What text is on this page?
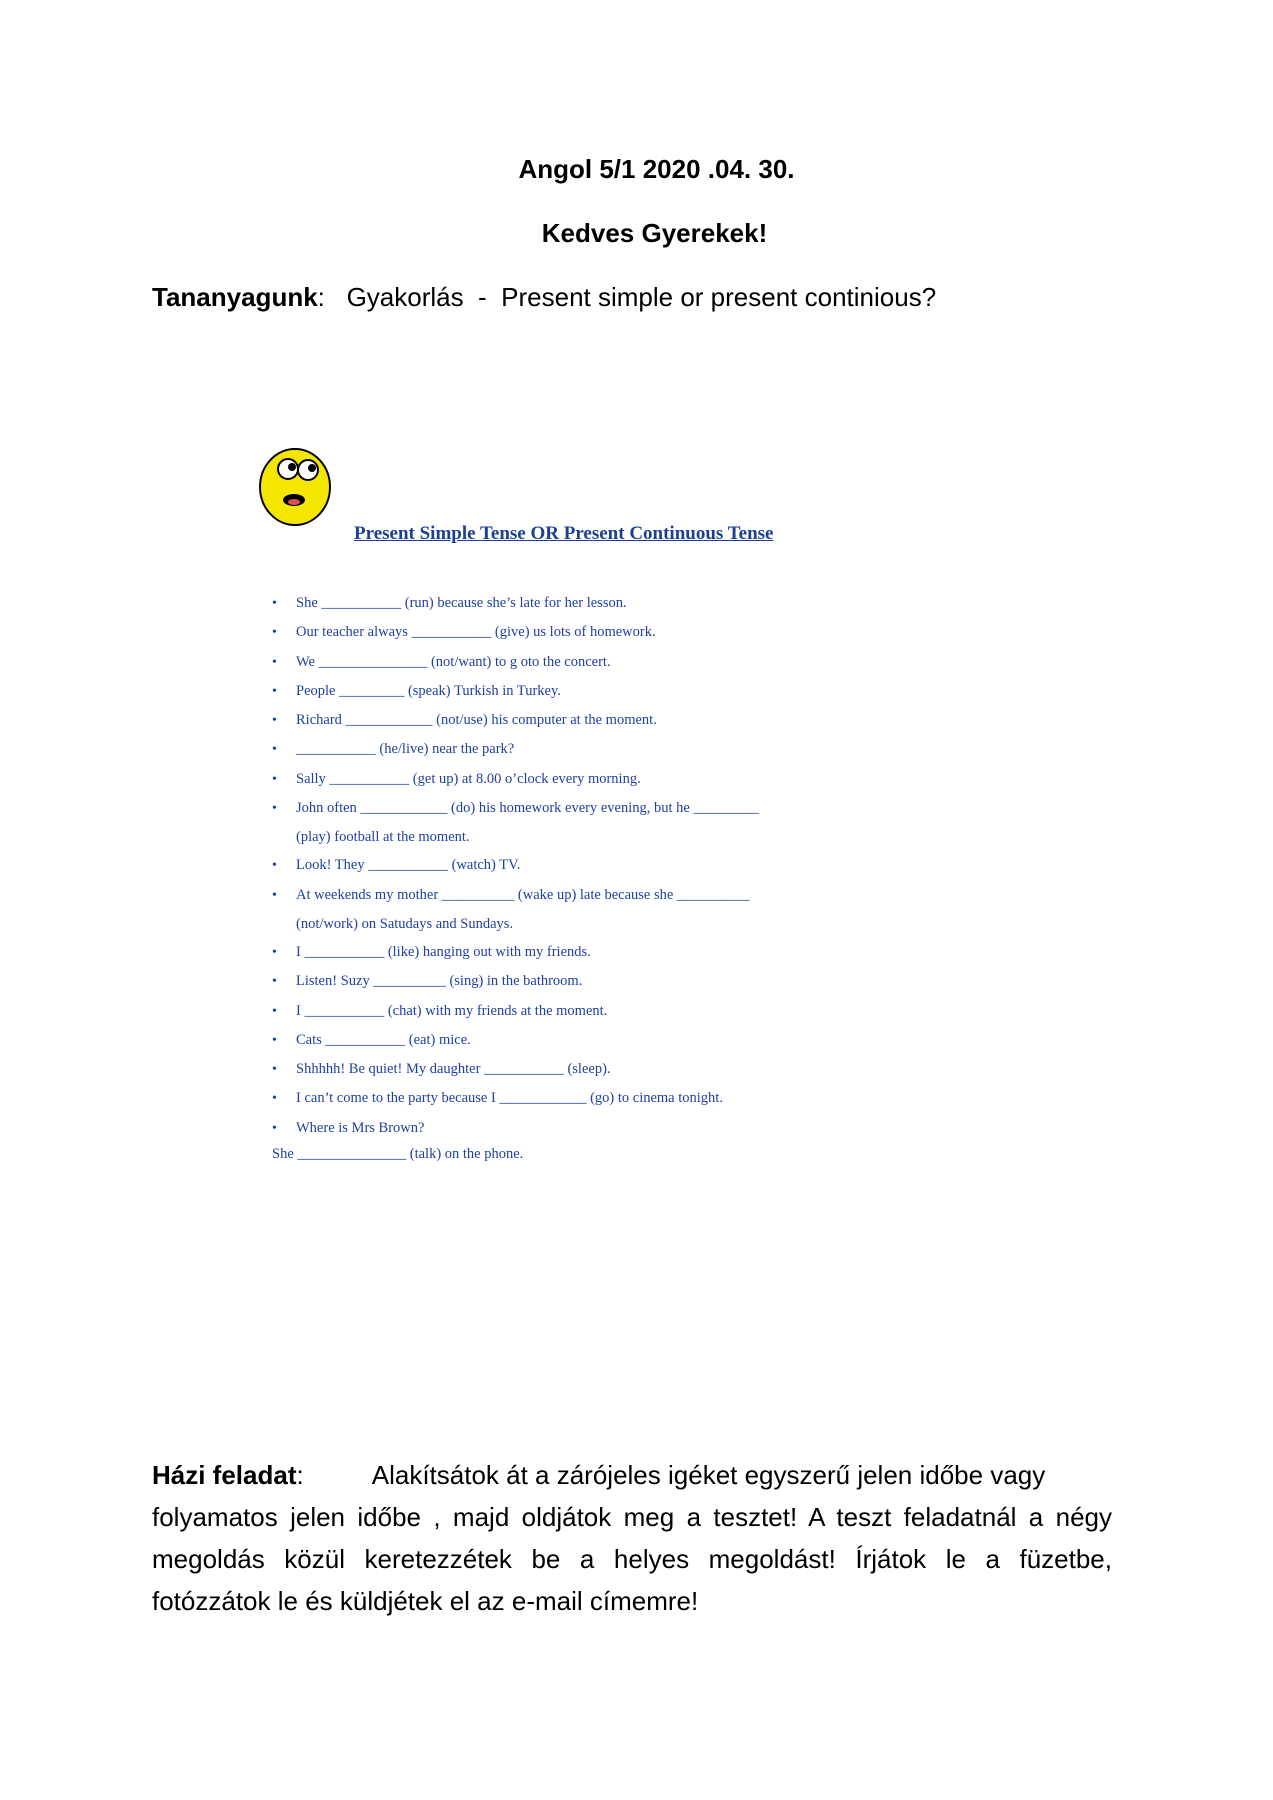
Angol 5/1 2020 .04. 30.
Kedves Gyerekek!
Tananyagunk:   Gyakorlás  -  Present simple or present continious?
Present Simple Tense OR Present Continuous Tense
•	She ___________ (run) because she’s late for her lesson.
•	Our teacher always ___________ (give) us lots of homework.
•	We _______________ (not/want) to g oto the concert.
•	People _________ (speak) Turkish in Turkey.
•	Richard ____________ (not/use) his computer at the moment.
•	___________ (he/live) near the park?
•	Sally ___________ (get up) at 8.00 o’clock every morning.
•	John often ____________ (do) his homework every evening, but he _________
(play) football at the moment.
•	Look! They ___________ (watch) TV.
•	At weekends my mother __________ (wake up) late because she __________
(not/work) on Satudays and Sundays.
•	I ___________ (like) hanging out with my friends.
•	Listen! Suzy __________ (sing) in the bathroom.
•	I ___________ (chat) with my friends at the moment.
•	Cats ___________ (eat) mice.
•	Shhhhh! Be quiet! My daughter ___________ (sleep).
•	I can’t come to the party because I ____________ (go) to cinema tonight.
•	Where is Mrs Brown?
She _______________ (talk) on the phone.
Házi feladat:	Alakítsátok át a zárójeles igéket egyszerű jelen időbe vagy
folyamatos jelen időbe , majd oldjátok meg a tesztet! A teszt feladatnál a négy
megoldás közül keretezzétek be a helyes megoldást! Írjátok le a füzetbe,
fotózzátok le és küldjétek el az e-mail címemre!
